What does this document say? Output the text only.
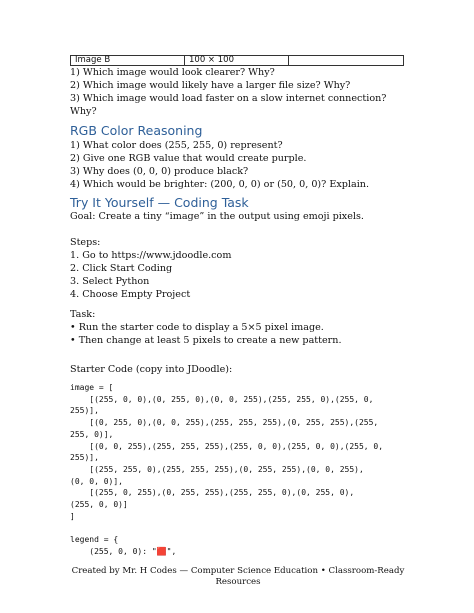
Image B	100 × 100	
1) Which image would look clearer? Why?
2) Which image would likely have a larger file size? Why?
3) Which image would load faster on a slow internet connection? Why?
RGB Color Reasoning
1) What color does (255, 255, 0) represent?
2) Give one RGB value that would create purple.
3) Why does (0, 0, 0) produce black?
4) Which would be brighter: (200, 0, 0) or (50, 0, 0)? Explain.
Try It Yourself — Coding Task
Goal: Create a tiny “image” in the output using emoji pixels.
Steps:
1. Go to https://www.jdoodle.com
2. Click Start Coding
3. Select Python
4. Choose Empty Project
Task:
• Run the starter code to display a 5×5 pixel image.
• Then change at least 5 pixels to create a new pattern.
Starter Code (copy into JDoodle):
image = [
[(255, 0, 0),(0, 255, 0),(0, 0, 255),(255, 255, 0),(255, 0,
255)],
[(0, 255, 0),(0, 0, 255),(255, 255, 255),(0, 255, 255),(255,
255, 0)],
[(0, 0, 255),(255, 255, 255),(255, 0, 0),(255, 0, 0),(255, 0,
255)],
[(255, 255, 0),(255, 255, 255),(0, 255, 255),(0, 0, 255),
(0, 0, 0)],
[(255, 0, 255),(0, 255, 255),(255, 255, 0),(0, 255, 0),
(255, 0, 0)]
]

legend = {
(255, 0, 0): "🟥",
Created by Mr. H Codes — Computer Science Education • Classroom-Ready Resources
